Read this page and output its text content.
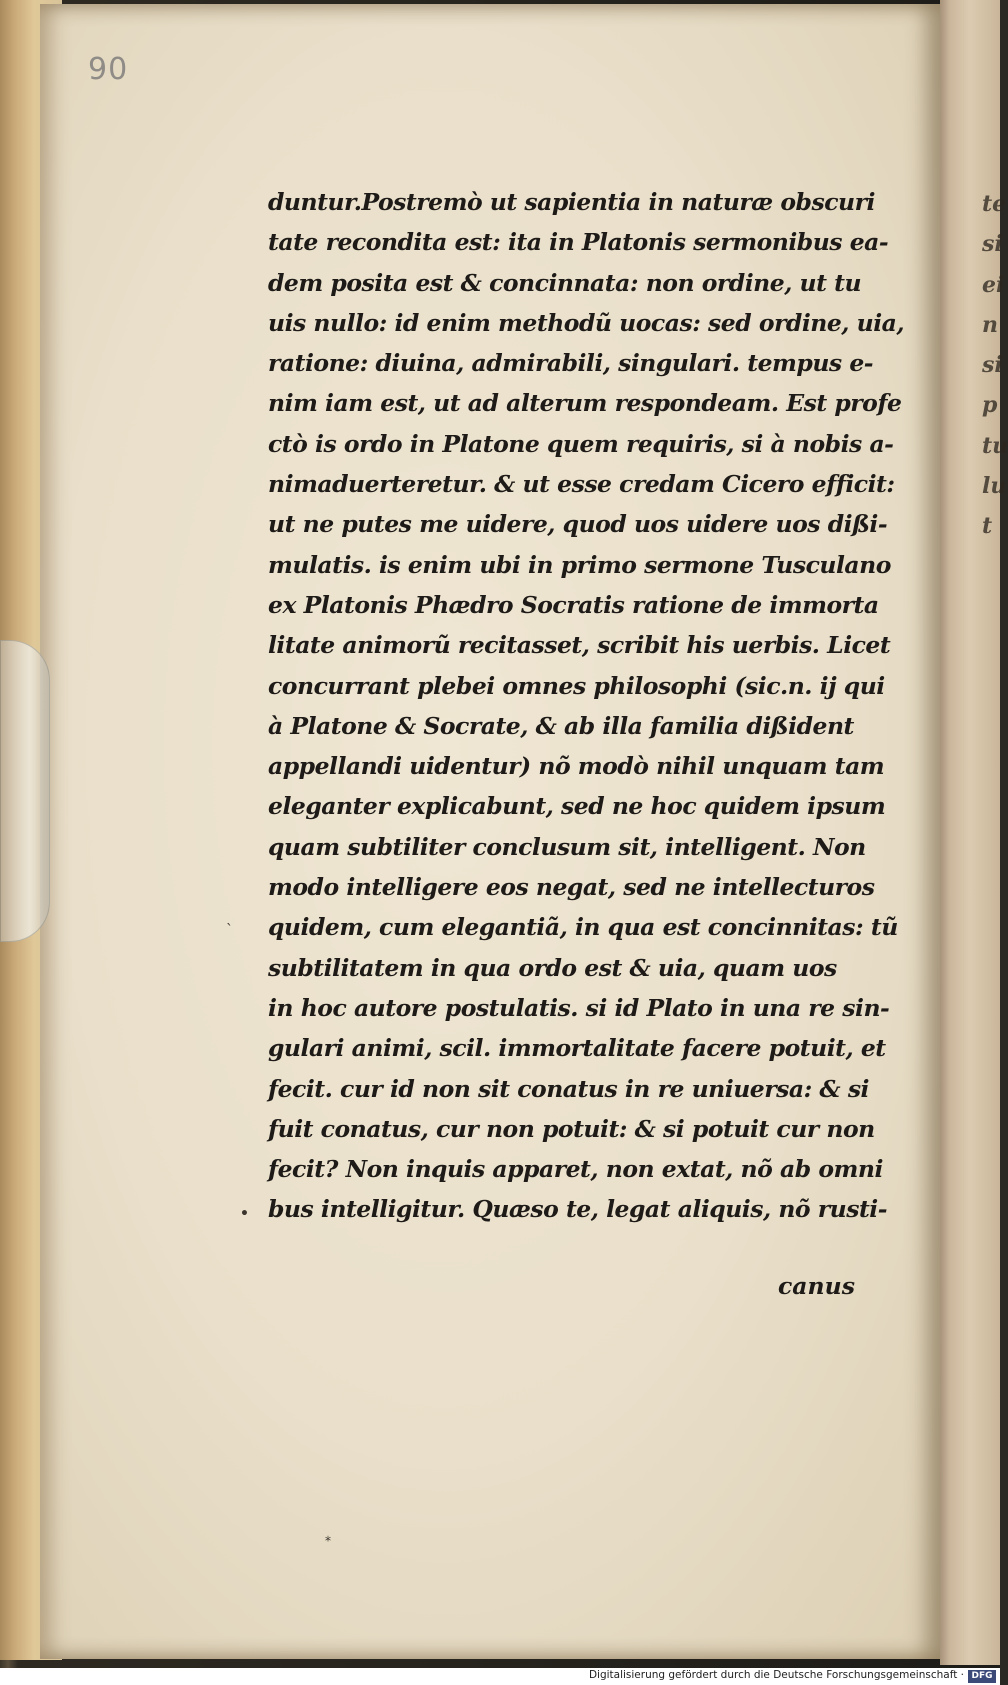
90

duntur.Postremò ut sapientia in naturæ obscuri
tate recondita est: ita in Platonis sermonibus ea-
dem posita est & concinnata: non ordine, ut tu
uis nullo: id enim methodũ uocas: sed ordine, uia,
ratione: diuina, admirabili, singulari. tempus e-
nim iam est, ut ad alterum respondeam. Est profe
ctò is ordo in Platone quem requiris, si à nobis a-
nimaduerteretur. & ut esse credam Cicero efficit:
ut ne putes me uidere, quod uos uidere uos dißi-
mulatis. is enim ubi in primo sermone Tusculano
ex Platonis Phædro Socratis ratione de immorta
litate animorũ recitasset, scribit his uerbis. Licet
concurrant plebei omnes philosophi (sic.n. ij qui
à Platone & Socrate, & ab illa familia dißident
appellandi uidentur) nõ modò nihil unquam tam
eleganter explicabunt, sed ne hoc quidem ipsum
quam subtiliter conclusum sit, intelligent. Non
modo intelligere eos negat, sed ne intellecturos
quidem, cum elegantiã, in qua est concinnitas: tũ
subtilitatem in qua ordo est & uia, quam uos
in hoc autore postulatis. si id Plato in una re sin-
gulari animi, scil. immortalitate facere potuit, et
fecit. cur id non sit conatus in re uniuersa: & si
fuit conatus, cur non potuit: & si potuit cur non
fecit? Non inquis apparet, non extat, nõ ab omni
bus intelligitur. Quæso te, legat aliquis, nõ rusti-
canus
•
ˎ
⁎
te
si
ei
n
si
p
tu
lu
t
Digitalisierung gefördert durch die Deutsche Forschungsgemeinschaft · DFG
